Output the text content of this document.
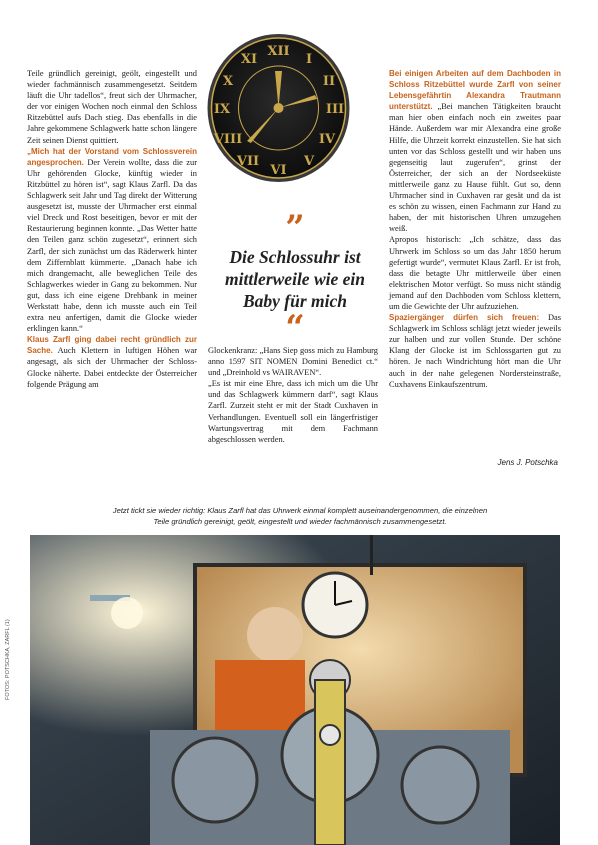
Teile gründlich gereinigt, geölt, eingestellt und wieder fachmännisch zusammengesetzt. Seitdem läuft die Uhr tadellos“, freut sich der Uhrmacher, der vor einigen Wochen noch einmal den Schloss Ritzebüttel aufs Dach stieg. Das ebenfalls in die Jahre gekommene Schlagwerk hatte schon längere Zeit seinen Dienst quittiert.

„Mich hat der Vorstand vom Schlossverein angesprochen. Der Verein wollte, dass die zur Uhr gehörenden Glocke, künftig wieder in Ritzbüttel zu hören ist“, sagt Klaus Zarfl. Da das Schlagwerk seit Jahr und Tag direkt der Witterung ausgesetzt ist, musste der Uhrmacher erst einmal viel Dreck und Rost beseitigen, bevor er mit der Restaurierung beginnen konnte. „Das Wetter hatte den Teilen ganz schön zugesetzt“, erinnert sich Zarfl, der sich zunächst um das Räderwerk hinter dem Ziffernblatt kümmerte. „Danach habe ich mich drangemacht, alle beweglichen Teile des Schlagwerkes wieder in Gang zu bekommen. Nur gut, dass ich eine eigene Drehbank in meiner Werkstatt habe, denn ich musste auch ein Teil extra neu anfertigen, damit die Glocke wieder erklingen kann.“

Klaus Zarfl ging dabei recht gründlich zur Sache. Auch Klettern in luftigen Höhen war angesagt, als sich der Uhrmacher der Schloss-Glocke näherte. Dabei entdeckte der Österreicher folgende Prägung am

XII
I
II
III
IV
V
VI
VII
VIII
IX
X
XI
”
Die Schlossuhr ist mittlerweile wie ein Baby für mich
“

Glockenkranz: „Hans Siep goss mich zu Hamburg anno 1597 SIT NOMEN Domini Benedict ct.“ und „Dreinhold vs WAIRAVEN“.

„Es ist mir eine Ehre, dass ich mich um die Uhr und das Schlagwerk kümmern darf“, sagt Klaus Zarfl. Zurzeit steht er mit der Stadt Cuxhaven in Verhandlungen. Eventuell soll ein längerfristiger Wartungsvertrag mit dem Fachmann abgeschlossen werden.

Bei einigen Arbeiten auf dem Dachboden in Schloss Ritzebüttel wurde Zarfl von seiner Lebensgefährtin Alexandra Trautmann unterstützt. „Bei manchen Tätigkeiten braucht man hier oben einfach noch ein zweites paar Hände. Außerdem war mir Alexandra eine große Hilfe, die Uhrzeit korrekt einzustellen. Sie hat sich unten vor das Schloss gestellt und wir haben uns gegenseitig laut zugerufen“, grinst der Österreicher, der sich an der Nordseeküste mittlerweile ganz zu Hause fühlt. Gut so, denn Uhrmacher sind in Cuxhaven rar gesät und da ist es schön zu wissen, einen Fachmann zur Hand zu haben, der mit historischen Uhren umzugehen weiß.

Apropos historisch: „Ich schätze, dass das Uhrwerk im Schloss so um das Jahr 1850 herum gefertigt wurde“, vermutet Klaus Zarfl. Er ist froh, dass die betagte Uhr mittlerweile über einen elektrischen Motor verfügt. So muss nicht ständig jemand auf den Dachboden vom Schloss klettern, um die Gewichte der Uhr aufzuziehen.

Spaziergänger dürfen sich freuen: Das Schlagwerk im Schloss schlägt jetzt wieder jeweils zur halben und zur vollen Stunde. Der schöne Klang der Glocke ist im Schlossgarten gut zu hören. Je nach Windrichtung hört man die Uhr auch in der nahe gelegenen Nordersteinstraße, Cuxhavens Einkaufszentrum.

Jens J. Potschka
Jetzt tickt sie wieder richtig: Klaus Zarfl hat das Uhrwerk einmal komplett auseinandergenommen, die einzelnen
Teile gründlich gereinigt, geölt, eingestellt und wieder fachmännisch zusammengesetzt.
FOTOS: POTSCHKA, ZARFL (1)
